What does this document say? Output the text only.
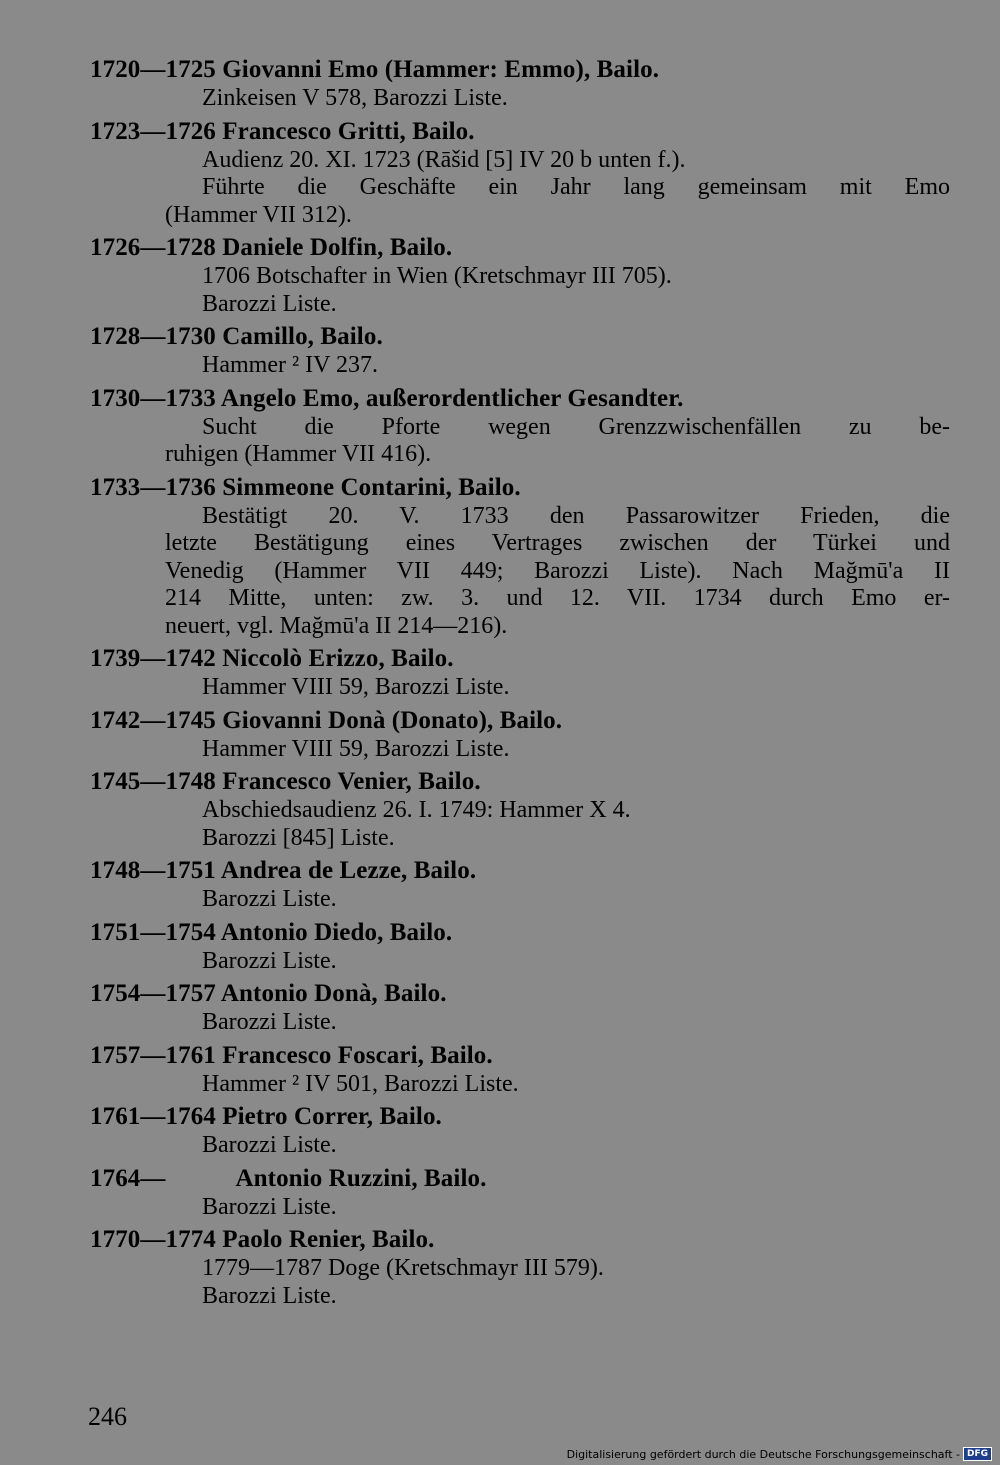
1720—1725 Giovanni Emo (Hammer: Emmo), Bailo.
Zinkeisen V 578, Barozzi Liste.
1723—1726 Francesco Gritti, Bailo.
Audienz 20. XI. 1723 (Rāšid [5] IV 20 b unten f.).
Führte die Geschäfte ein Jahr lang gemeinsam mit Emo
(Hammer VII 312).
1726—1728 Daniele Dolfin, Bailo.
1706 Botschafter in Wien (Kretschmayr III 705).
Barozzi Liste.
1728—1730 Camillo, Bailo.
Hammer ² IV 237.
1730—1733 Angelo Emo, außerordentlicher Gesandter.
Sucht die Pforte wegen Grenzzwischenfällen zu be-
ruhigen (Hammer VII 416).
1733—1736 Simmeone Contarini, Bailo.
Bestätigt 20. V. 1733 den Passarowitzer Frieden, die
letzte Bestätigung eines Vertrages zwischen der Türkei und
Venedig (Hammer VII 449; Barozzi Liste). Nach Mağmū'a II
214 Mitte, unten: zw. 3. und 12. VII. 1734 durch Emo er-
neuert, vgl. Mağmū'a II 214—216).
1739—1742 Niccolò Erizzo, Bailo.
Hammer VIII 59, Barozzi Liste.
1742—1745 Giovanni Donà (Donato), Bailo.
Hammer VIII 59, Barozzi Liste.
1745—1748 Francesco Venier, Bailo.
Abschiedsaudienz 26. I. 1749: Hammer X 4.
Barozzi [845] Liste.
1748—1751 Andrea de Lezze, Bailo.
Barozzi Liste.
1751—1754 Antonio Diedo, Bailo.
Barozzi Liste.
1754—1757 Antonio Donà, Bailo.
Barozzi Liste.
1757—1761 Francesco Foscari, Bailo.
Hammer ² IV 501, Barozzi Liste.
1761—1764 Pietro Correr, Bailo.
Barozzi Liste.
1764—	Antonio Ruzzini, Bailo.
Barozzi Liste.
1770—1774 Paolo Renier, Bailo.
1779—1787 Doge (Kretschmayr III 579).
Barozzi Liste.
246
Digitalisierung gefördert durch die Deutsche Forschungsgemeinschaft - DFG
